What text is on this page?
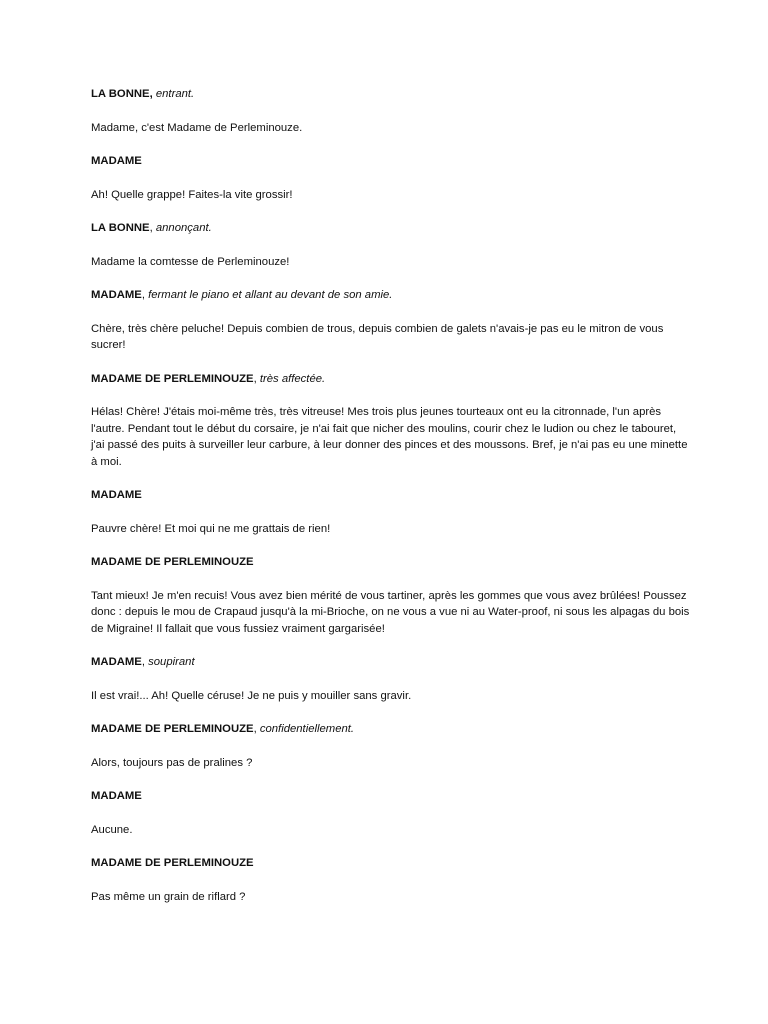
LA BONNE, entrant.
Madame, c'est Madame de Perleminouze.
MADAME
Ah! Quelle grappe! Faites-la vite grossir!
LA BONNE, annonçant.
Madame la comtesse de Perleminouze!
MADAME, fermant le piano et allant au devant de son amie.
Chère, très chère peluche! Depuis combien de trous, depuis combien de galets n'avais-je pas eu le mitron de vous sucrer!
MADAME DE PERLEMINOUZE, très affectée.
Hélas! Chère! J'étais moi-même très, très vitreuse! Mes trois plus jeunes tourteaux ont eu la citronnade, l'un après l'autre. Pendant tout le début du corsaire, je n'ai fait que nicher des moulins, courir chez le ludion ou chez le tabouret, j'ai passé des puits à surveiller leur carbure, à leur donner des pinces et des moussons. Bref, je n'ai pas eu une minette à moi.
MADAME
Pauvre chère! Et moi qui ne me grattais de rien!
MADAME DE PERLEMINOUZE
Tant mieux! Je m'en recuis! Vous avez bien mérité de vous tartiner, après les gommes que vous avez brûlées! Poussez donc : depuis le mou de Crapaud jusqu'à la mi-Brioche, on ne vous a vue ni au Water-proof, ni sous les alpagas du bois de Migraine! Il fallait que vous fussiez vraiment gargarisée!
MADAME, soupirant
Il est vrai!... Ah! Quelle céruse! Je ne puis y mouiller sans gravir.
MADAME DE PERLEMINOUZE, confidentiellement.
Alors, toujours pas de pralines ?
MADAME
Aucune.
MADAME DE PERLEMINOUZE
Pas même un grain de riflard ?
